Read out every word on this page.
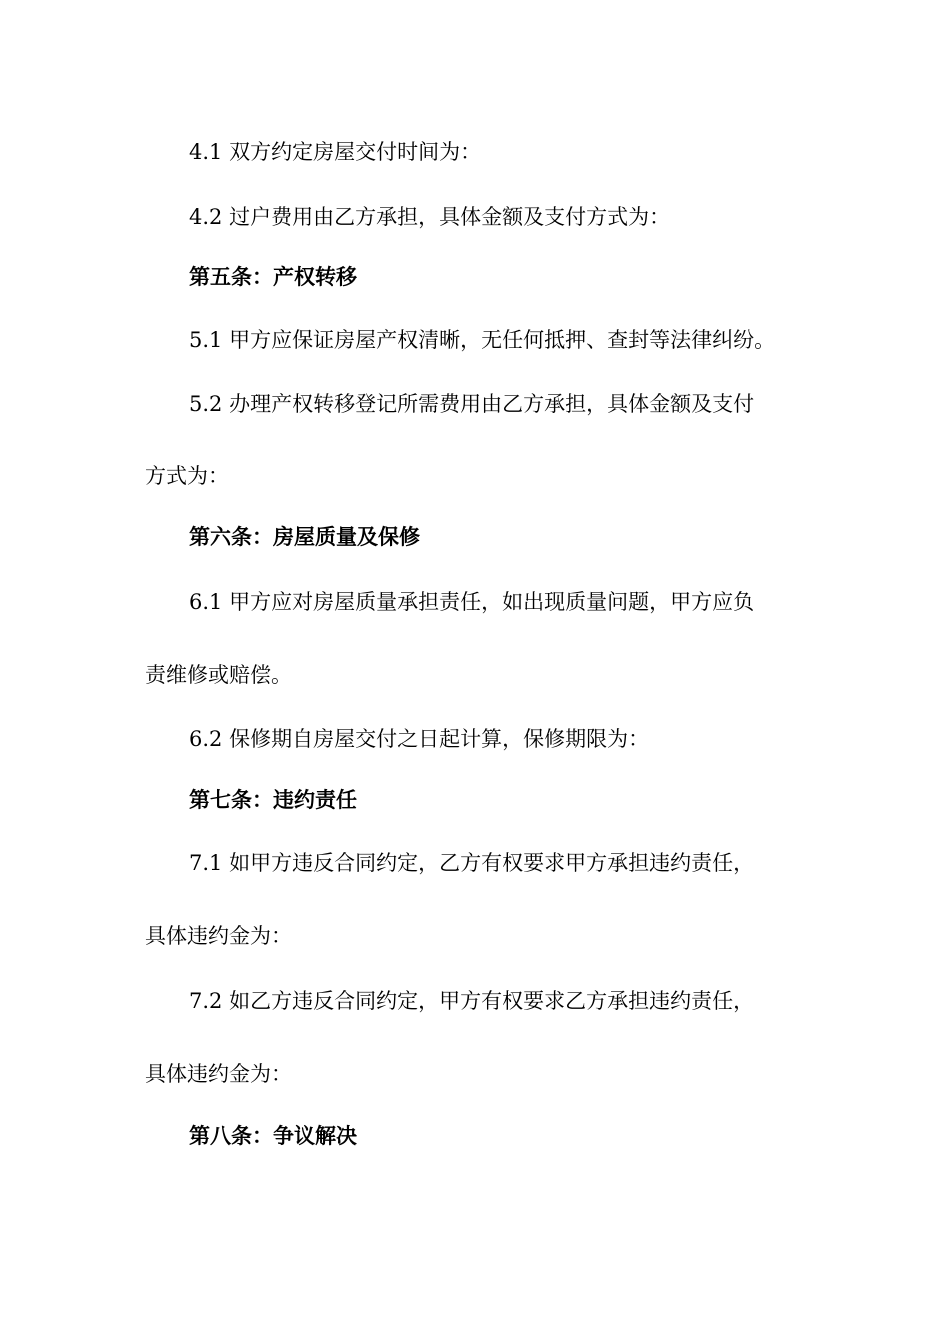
4.1 双方约定房屋交付时间为：
4.2 过户费用由乙方承担，具体金额及支付方式为：
第五条：产权转移
5.1 甲方应保证房屋产权清晰，无任何抵押、查封等法律纠纷。
5.2 办理产权转移登记所需费用由乙方承担，具体金额及支付
方式为：
第六条：房屋质量及保修
6.1 甲方应对房屋质量承担责任，如出现质量问题，甲方应负
责维修或赔偿。
6.2 保修期自房屋交付之日起计算，保修期限为：
第七条：违约责任
7.1 如甲方违反合同约定，乙方有权要求甲方承担违约责任，
具体违约金为：
7.2 如乙方违反合同约定，甲方有权要求乙方承担违约责任，
具体违约金为：
第八条：争议解决
